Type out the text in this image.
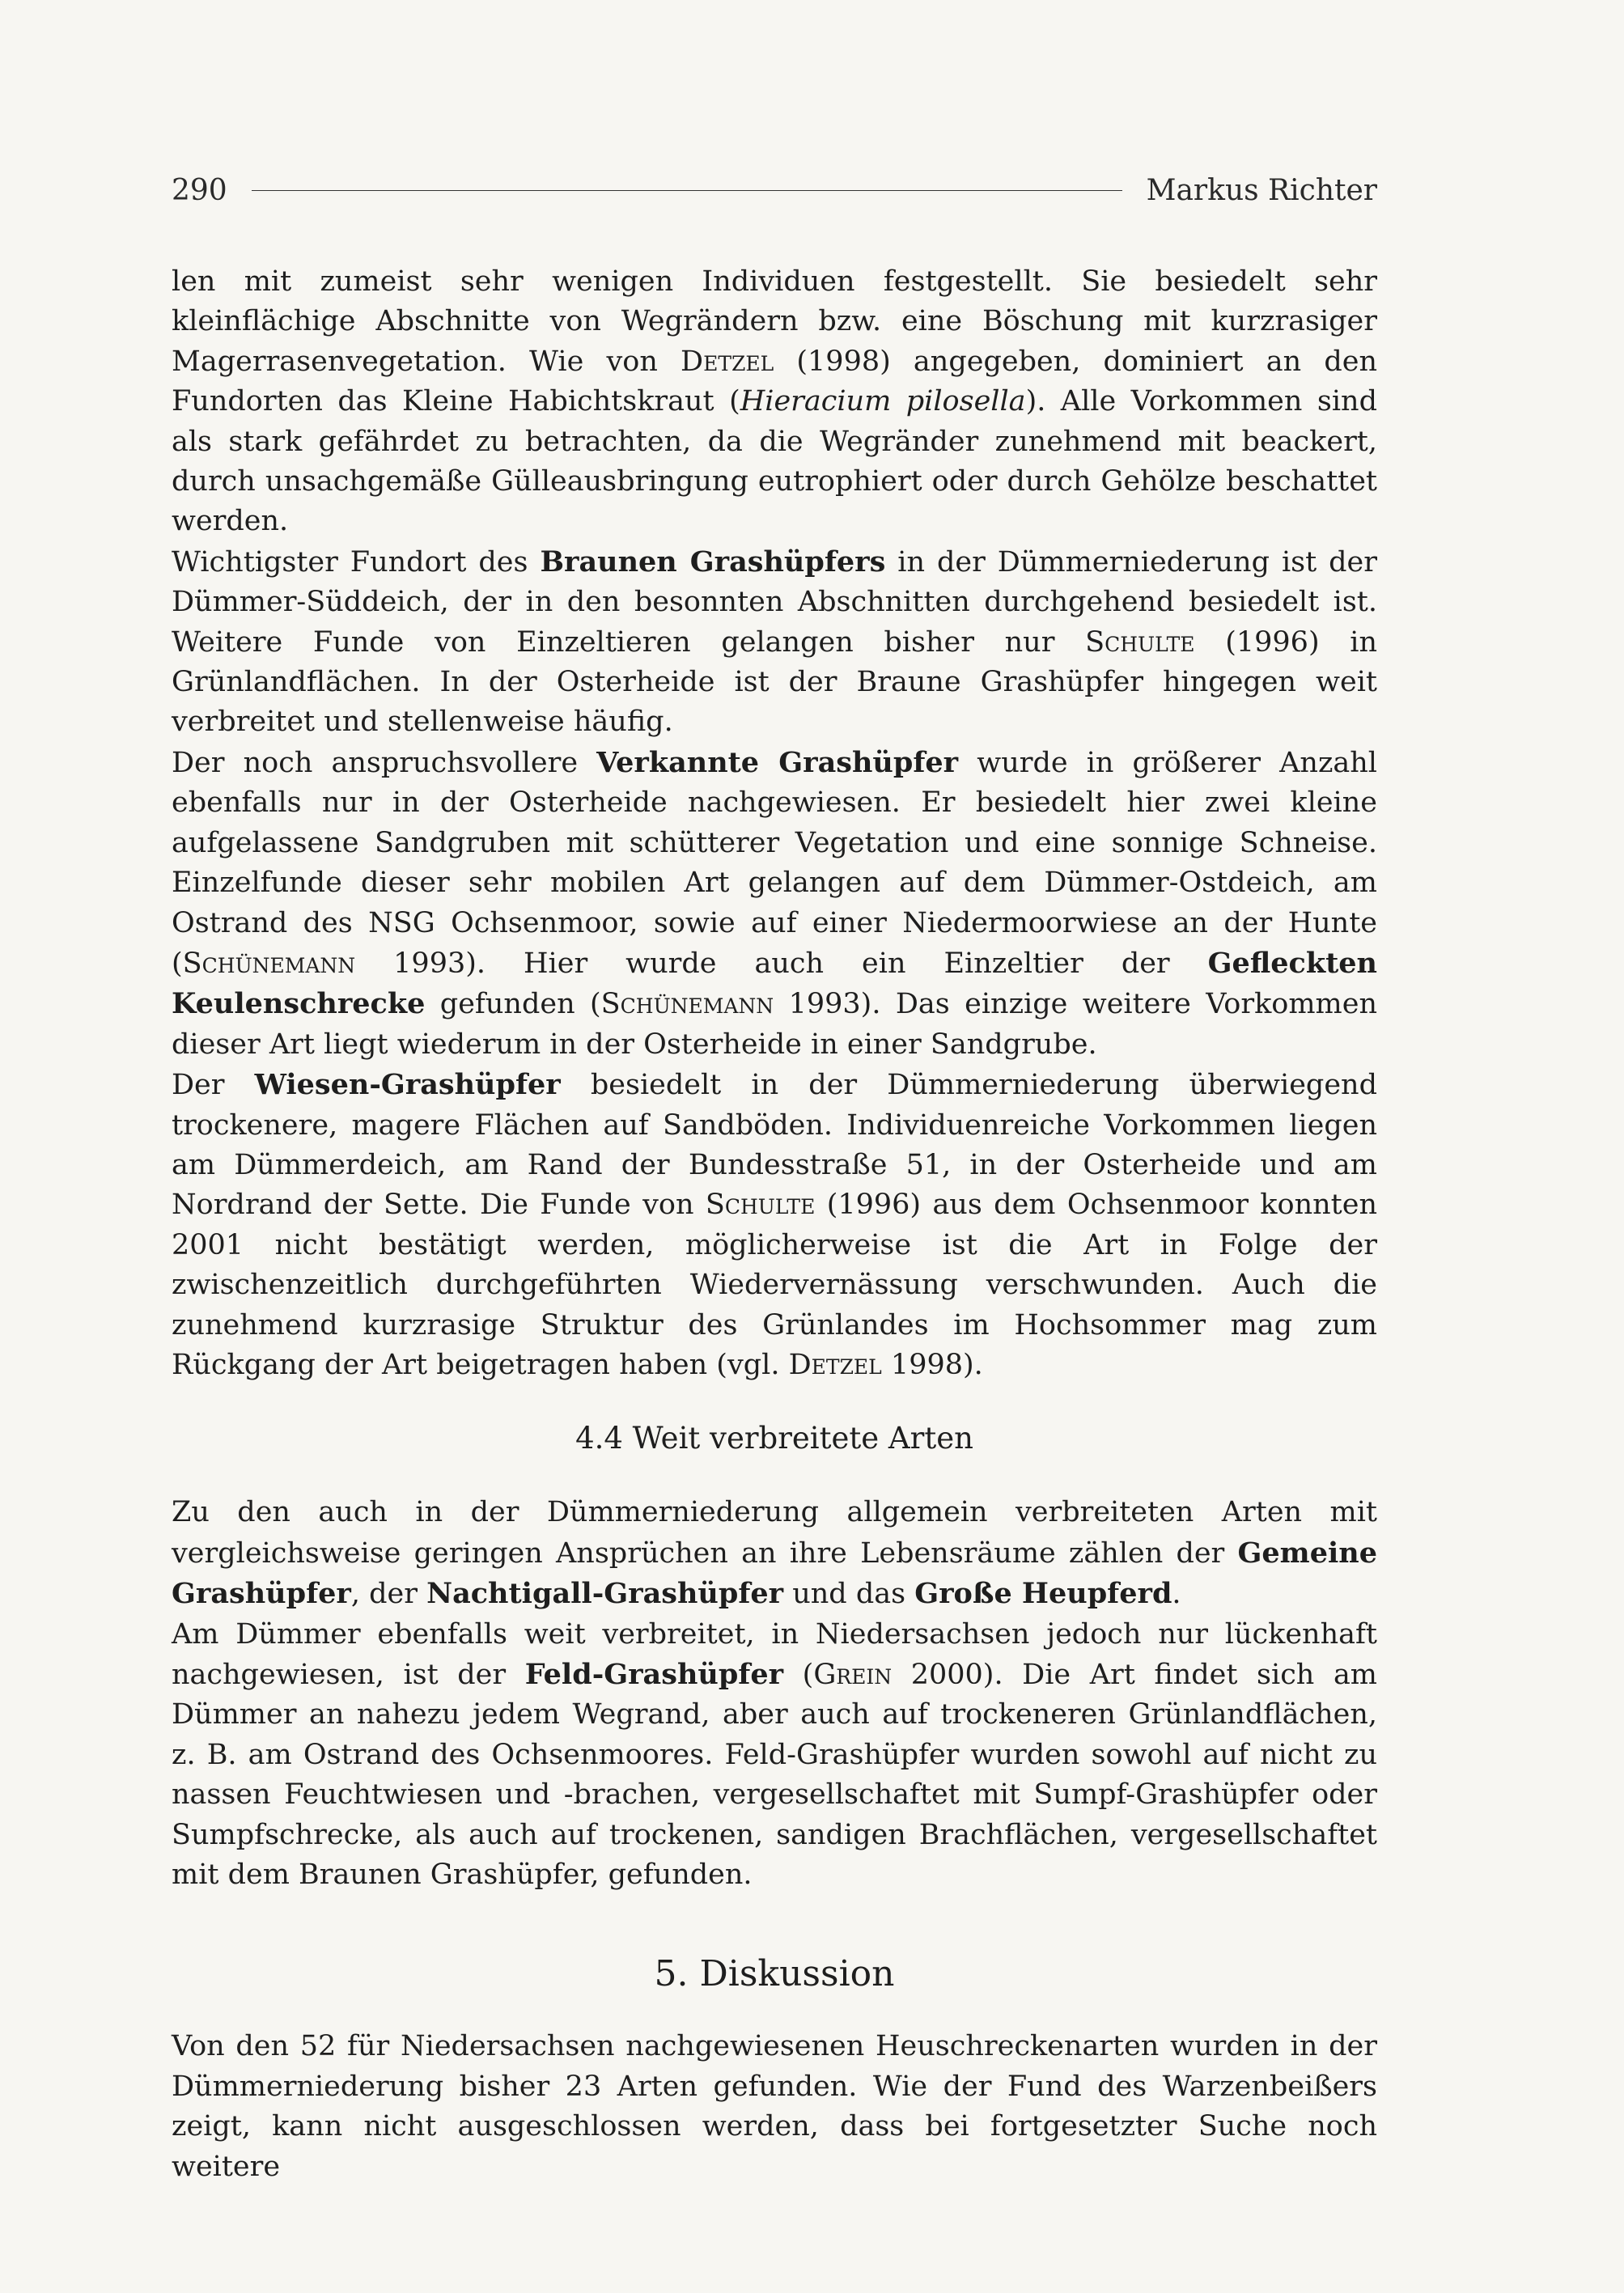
290	Markus Richter

len mit zumeist sehr wenigen Individuen festgestellt. Sie besiedelt sehr kleinflächige Abschnitte von Wegrändern bzw. eine Böschung mit kurzrasiger Magerrasenvegetation. Wie von Detzel (1998) angegeben, dominiert an den Fundorten das Kleine Habichtskraut (Hieracium pilosella). Alle Vorkommen sind als stark gefährdet zu betrachten, da die Wegränder zunehmend mit beackert, durch unsachgemäße Gülleausbringung eutrophiert oder durch Gehölze beschattet werden.

Wichtigster Fundort des Braunen Grashüpfers in der Dümmerniederung ist der Dümmer-Süddeich, der in den besonnten Abschnitten durchgehend besiedelt ist. Weitere Funde von Einzeltieren gelangen bisher nur Schulte (1996) in Grünlandflächen. In der Osterheide ist der Braune Grashüpfer hingegen weit verbreitet und stellenweise häufig.

Der noch anspruchsvollere Verkannte Grashüpfer wurde in größerer Anzahl ebenfalls nur in der Osterheide nachgewiesen. Er besiedelt hier zwei kleine aufgelassene Sandgruben mit schütterer Vegetation und eine sonnige Schneise. Einzelfunde dieser sehr mobilen Art gelangen auf dem Dümmer-Ostdeich, am Ostrand des NSG Ochsenmoor, sowie auf einer Niedermoorwiese an der Hunte (Schünemann 1993). Hier wurde auch ein Einzeltier der Gefleckten Keulenschrecke gefunden (Schünemann 1993). Das einzige weitere Vorkommen dieser Art liegt wiederum in der Osterheide in einer Sandgrube.

Der Wiesen-Grashüpfer besiedelt in der Dümmerniederung überwiegend trockenere, magere Flächen auf Sandböden. Individuenreiche Vorkommen liegen am Dümmerdeich, am Rand der Bundesstraße 51, in der Osterheide und am Nordrand der Sette. Die Funde von Schulte (1996) aus dem Ochsenmoor konnten 2001 nicht bestätigt werden, möglicherweise ist die Art in Folge der zwischenzeitlich durchgeführten Wiedervernässung verschwunden. Auch die zunehmend kurzrasige Struktur des Grünlandes im Hochsommer mag zum Rückgang der Art beigetragen haben (vgl. Detzel 1998).

4.4 Weit verbreitete Arten

Zu den auch in der Dümmerniederung allgemein verbreiteten Arten mit vergleichsweise geringen Ansprüchen an ihre Lebensräume zählen der Gemeine Grashüpfer, der Nachtigall-Grashüpfer und das Große Heupferd.

Am Dümmer ebenfalls weit verbreitet, in Niedersachsen jedoch nur lückenhaft nachgewiesen, ist der Feld-Grashüpfer (Grein 2000). Die Art findet sich am Dümmer an nahezu jedem Wegrand, aber auch auf trockeneren Grünlandflächen, z. B. am Ostrand des Ochsenmoores. Feld-Grashüpfer wurden sowohl auf nicht zu nassen Feuchtwiesen und -brachen, vergesellschaftet mit Sumpf-Grashüpfer oder Sumpfschrecke, als auch auf trockenen, sandigen Brachflächen, vergesellschaftet mit dem Braunen Grashüpfer, gefunden.

5. Diskussion

Von den 52 für Niedersachsen nachgewiesenen Heuschreckenarten wurden in der Dümmerniederung bisher 23 Arten gefunden. Wie der Fund des Warzenbeißers zeigt, kann nicht ausgeschlossen werden, dass bei fortgesetzter Suche noch weitere
